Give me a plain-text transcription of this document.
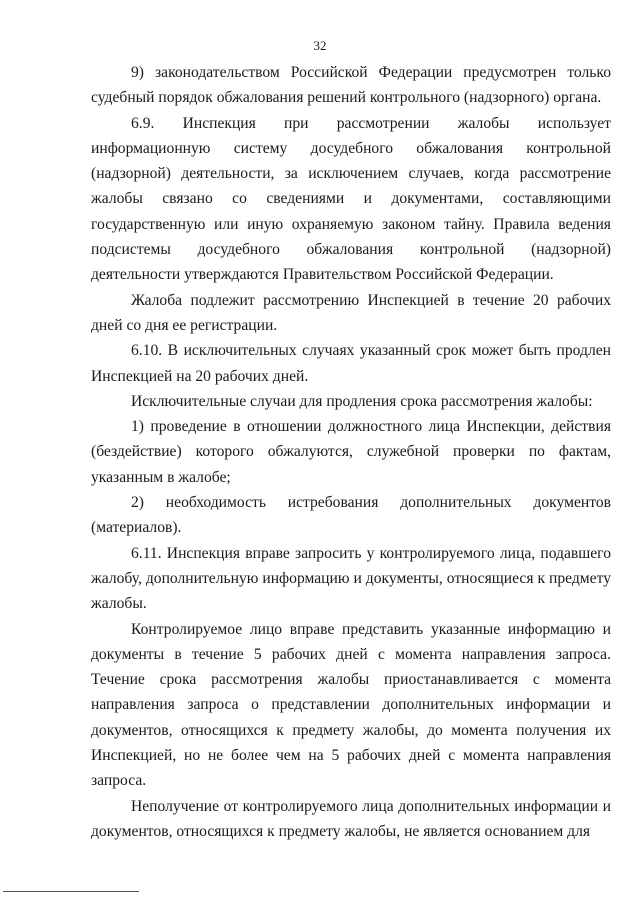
32

9) законодательством Российской Федерации предусмотрен только судебный порядок обжалования решений контрольного (надзорного) органа.

6.9. Инспекция при рассмотрении жалобы использует информационную систему досудебного обжалования контрольной (надзорной) деятельности, за исключением случаев, когда рассмотрение жалобы связано со сведениями и документами, составляющими государственную или иную охраняемую законом тайну. Правила ведения подсистемы досудебного обжалования контрольной (надзорной) деятельности утверждаются Правительством Российской Федерации.

Жалоба подлежит рассмотрению Инспекцией в течение 20 рабочих дней со дня ее регистрации.

6.10. В исключительных случаях указанный срок может быть продлен Инспекцией на 20 рабочих дней.

Исключительные случаи для продления срока рассмотрения жалобы:

1) проведение в отношении должностного лица Инспекции, действия (бездействие) которого обжалуются, служебной проверки по фактам, указанным в жалобе;

2) необходимость истребования дополнительных документов (материалов).

6.11. Инспекция вправе запросить у контролируемого лица, подавшего жалобу, дополнительную информацию и документы, относящиеся к предмету жалобы.

Контролируемое лицо вправе представить указанные информацию и документы в течение 5 рабочих дней с момента направления запроса. Течение срока рассмотрения жалобы приостанавливается с момента направления запроса о представлении дополнительных информации и документов, относящихся к предмету жалобы, до момента получения их Инспекцией, но не более чем на 5 рабочих дней с момента направления запроса.

Неполучение от контролируемого лица дополнительных информации и документов, относящихся к предмету жалобы, не является основанием для
